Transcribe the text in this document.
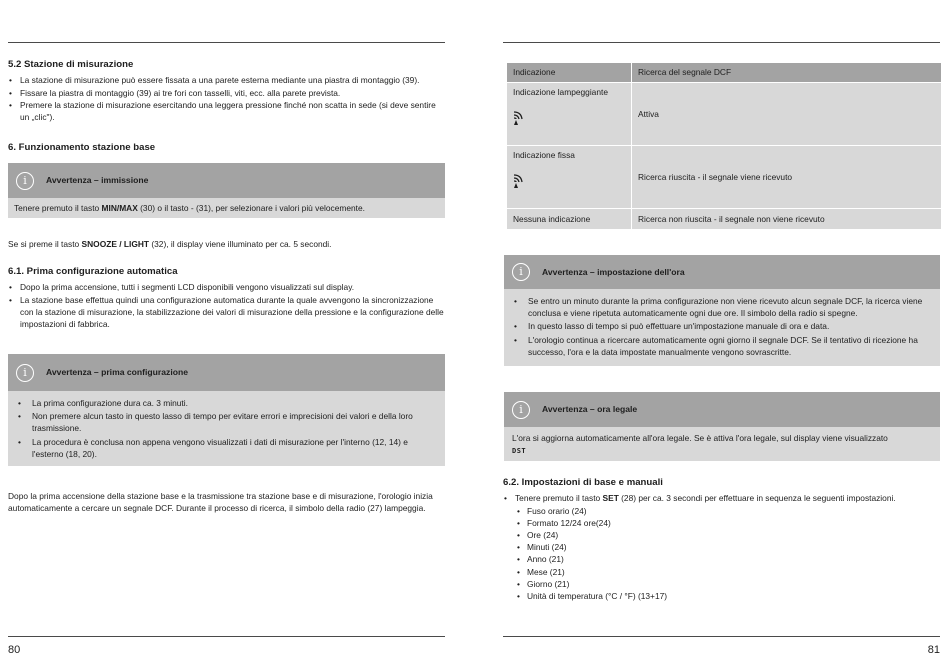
5.2 Stazione di misurazione
• La stazione di misurazione può essere fissata a una parete esterna mediante una piastra di montaggio (39).
• Fissare la piastra di montaggio (39) ai tre fori con tasselli, viti, ecc. alla parete prevista.
• Premere la stazione di misurazione esercitando una leggera pressione finché non scatta in sede (si deve sentire un „clic").
6. Funzionamento stazione base
i	Avvertenza – immissione
Tenere premuto il tasto MIN/MAX (30) o il tasto - (31), per selezionare i valori più velocemente.

Se si preme il tasto SNOOZE / LIGHT (32), il display viene illuminato per ca. 5 secondi.

6.1. Prima configurazione automatica
• Dopo la prima accensione, tutti i segmenti LCD disponibili vengono visualizzati sul display.
• La stazione base effettua quindi una configurazione automatica durante la quale avvengono la sincronizzazione con la stazione di misurazione, la stabilizzazione dei valori di misurazione della pressione e la configurazione delle impostazioni di fabbrica.
i	Avvertenza – prima configurazione
• La prima configurazione dura ca. 3 minuti.
• Non premere alcun tasto in questo lasso di tempo per evitare errori e imprecisioni dei valori e della loro trasmissione.
• La procedura è conclusa non appena vengono visualizzati i dati di misurazione per l'interno (12, 14) e l'esterno (18, 20).

Dopo la prima accensione della stazione base e la trasmissione tra stazione base e di misurazione, l'orologio inizia automaticamente a cercare un segnale DCF. Durante il processo di ricerca, il simbolo della radio (27) lampeggia.

80
Indicazione	Ricerca del segnale DCF

Indicazione lampeggiante	Attiva

Indicazione fissa	Ricerca riuscita - il segnale viene ricevuto
Nessuna indicazione	Ricerca non riuscita - il segnale non viene ricevuto
i	Avvertenza – impostazione dell'ora
• Se entro un minuto durante la prima configurazione non viene ricevuto alcun segnale DCF, la ricerca viene conclusa e viene ripetuta automaticamente ogni due ore. Il simbolo della radio si spegne.
• In questo lasso di tempo si può effettuare un'impostazione manuale di ora e data.
• L'orologio continua a ricercare automaticamente ogni giorno il segnale DCF. Se il tentativo di ricezione ha successo, l'ora e la data impostate manualmente vengono sovrascritte.
i	Avvertenza – ora legale
L'ora si aggiorna automaticamente all'ora legale. Se è attiva l'ora legale, sul display viene visualizzato
DST
6.2. Impostazioni di base e manuali
• Tenere premuto il tasto SET (28) per ca. 3 secondi per effettuare in sequenza le seguenti impostazioni.
• Fuso orario (24)
• Formato 12/24 ore(24)
• Ore (24)
• Minuti (24)
• Anno (21)
• Mese (21)
• Giorno (21)
• Unità di temperatura (°C / °F) (13+17)
81
